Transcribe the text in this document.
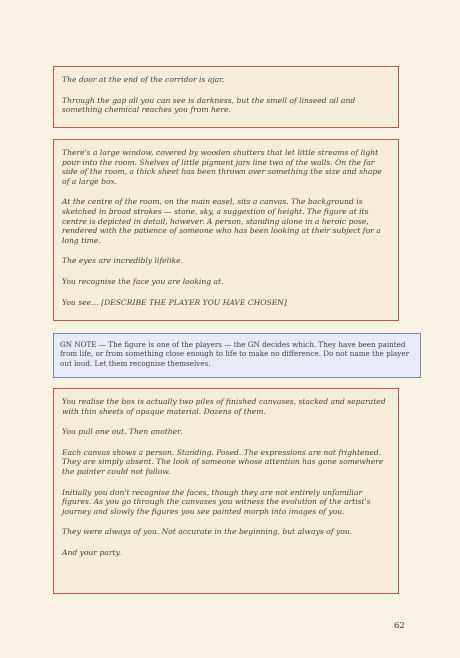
The door at the end of the corridor is ajar.

Through the gap all you can see is darkness, but the smell of linseed oil and something chemical reaches you from here.

There's a large window, covered by wooden shutters that let little streams of light pour into the room. Shelves of little pigment jars line two of the walls. On the far side of the room, a thick sheet has been thrown over something the size and shape of a large box.

At the centre of the room, on the main easel, sits a canvas. The background is sketched in broad strokes — stone, sky, a suggestion of height. The figure at its centre is depicted in detail, however. A person, standing alone in a heroic pose, rendered with the patience of someone who has been looking at their subject for a long time.

The eyes are incredibly lifelike.

You recognise the face you are looking at.

You see… [DESCRIBE THE PLAYER YOU HAVE CHOSEN]

GN NOTE — The figure is one of the players — the GN decides which. They have been painted from life, or from something close enough to life to make no difference. Do not name the player out loud. Let them recognise themselves.

You realise the box is actually two piles of finished canvases, stacked and separated with thin sheets of opaque material. Dozens of them.

You pull one out. Then another.

Each canvas shows a person. Standing. Posed. The expressions are not frightened. They are simply absent. The look of someone whose attention has gone somewhere the painter could not follow.

Initially you don't recognise the faces, though they are not entirely unfamiliar figures. As you go through the canvases you witness the evolution of the artist's journey and slowly the figures you see painted morph into images of you.

They were always of you. Not accurate in the beginning, but always of you.

And your party.

62
